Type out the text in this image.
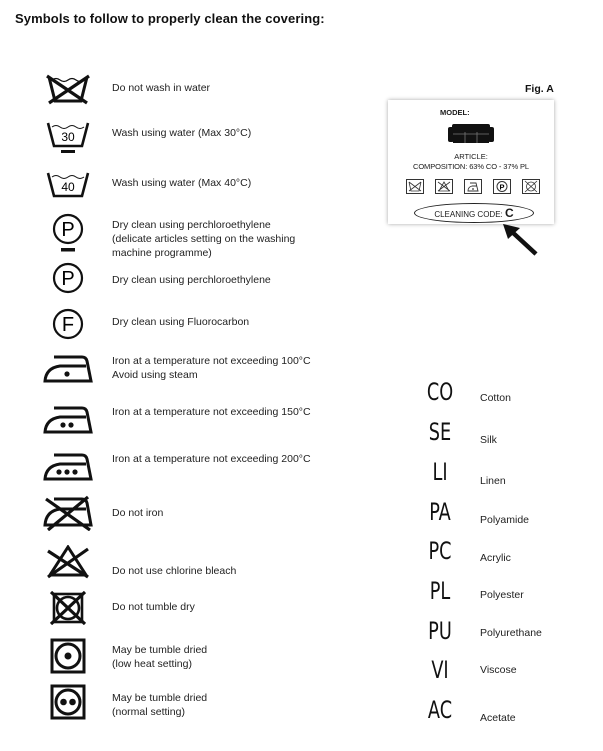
Symbols to follow to properly clean the covering:
Do not wash in water
30	Wash using water (Max 30°C)
40	Wash using water (Max 40°C)
P	Dry clean using perchloroethylene
(delicate articles setting on the washing
machine programme)
P	Dry clean using perchloroethylene
F	Dry clean using Fluorocarbon
Iron at a temperature not exceeding 100°C
Avoid using steam
Iron at a temperature not exceeding 150°C
Iron at a temperature not exceeding 200°C
Do not iron
Do not use chlorine bleach
Do not tumble dry
May be tumble dried
(low heat setting)
May be tumble dried
(normal setting)
Fig. A
MODEL:
ARTICLE:
COMPOSITION: 63% CO - 37% PL
P
CLEANING CODE: C
CO	Cotton
SE	Silk
LI	Linen
PA	Polyamide
PC	Acrylic
PL	Polyester
PU	Polyurethane
VI	Viscose
AC	Acetate
